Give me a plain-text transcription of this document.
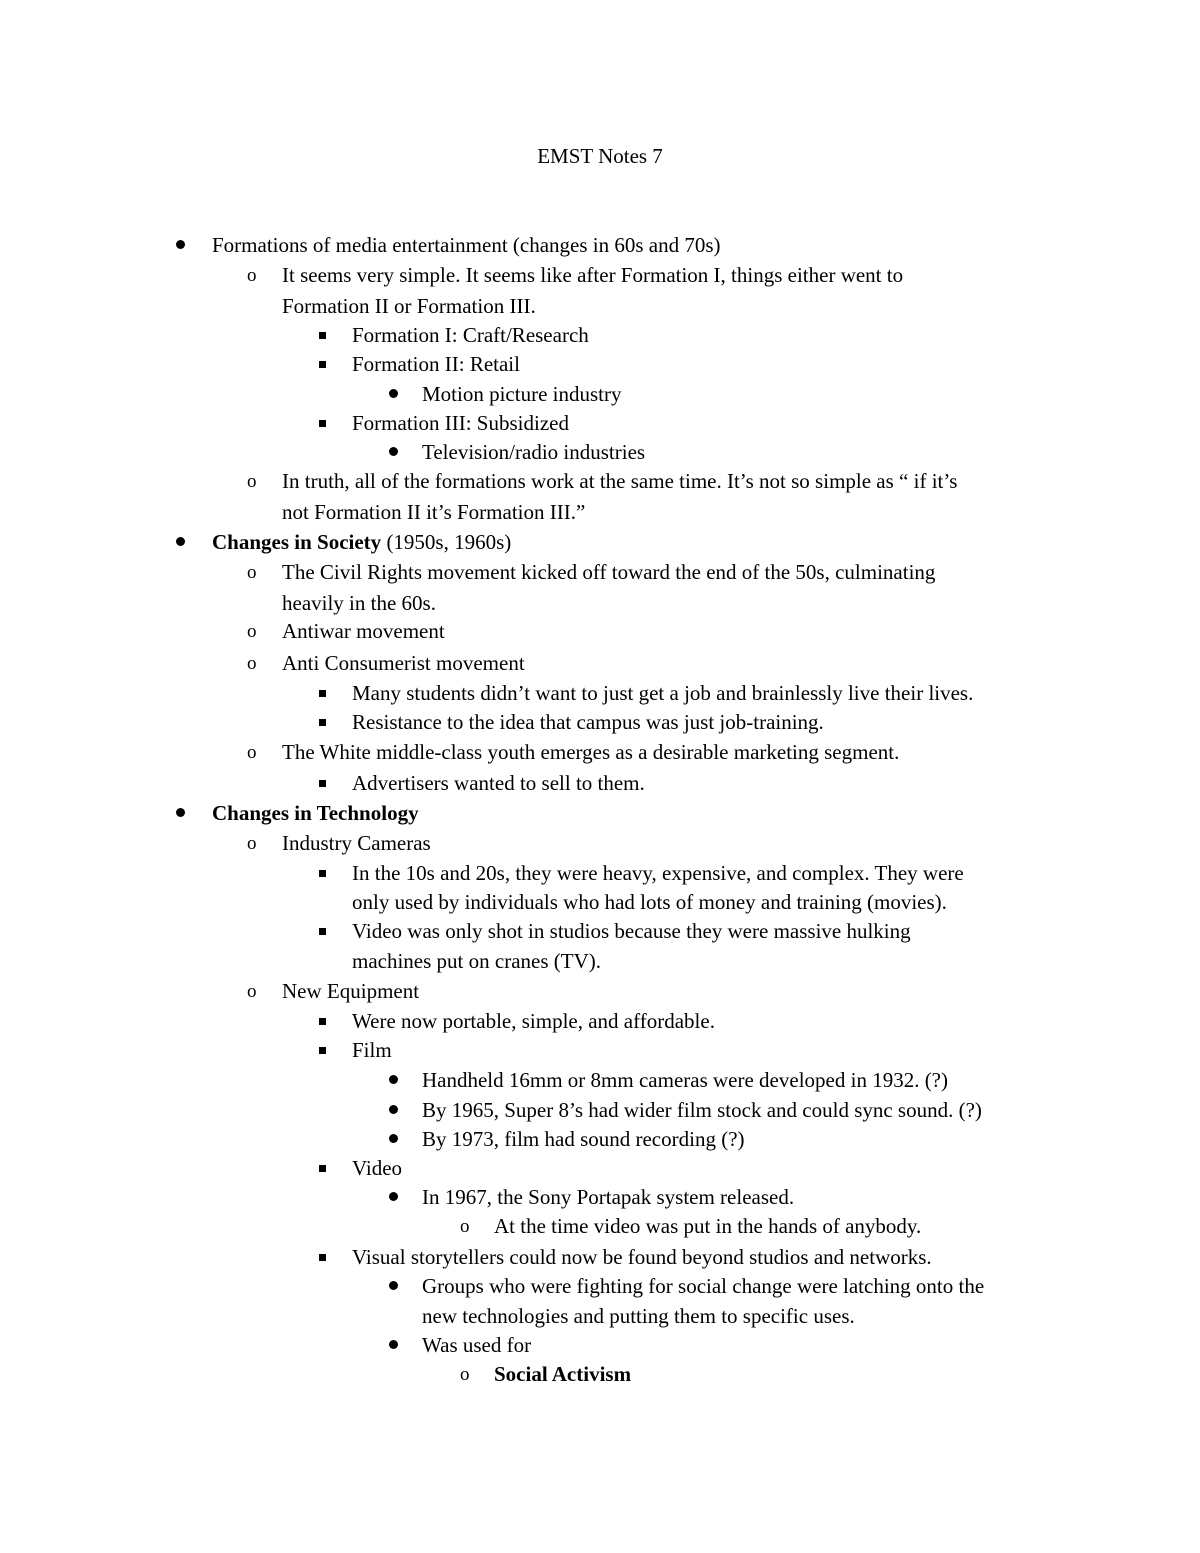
EMST Notes 7
Formations of media entertainment (changes in 60s and 70s)
o It seems very simple. It seems like after Formation I, things either went to
Formation II or Formation III.
Formation I: Craft/Research
Formation II: Retail
Motion picture industry
Formation III: Subsidized
Television/radio industries
o In truth, all of the formations work at the same time. It’s not so simple as “ if it’s
not Formation II it’s Formation III.”
Changes in Society (1950s, 1960s)
o The Civil Rights movement kicked off toward the end of the 50s, culminating
heavily in the 60s.
o Antiwar movement
o Anti Consumerist movement
Many students didn’t want to just get a job and brainlessly live their lives.
Resistance to the idea that campus was just job-training.
o The White middle-class youth emerges as a desirable marketing segment.
Advertisers wanted to sell to them.
Changes in Technology
o Industry Cameras
In the 10s and 20s, they were heavy, expensive, and complex. They were
only used by individuals who had lots of money and training (movies).
Video was only shot in studios because they were massive hulking
machines put on cranes (TV).
o New Equipment
Were now portable, simple, and affordable.
Film
Handheld 16mm or 8mm cameras were developed in 1932. (?)
By 1965, Super 8’s had wider film stock and could sync sound. (?)
By 1973, film had sound recording (?)
Video
In 1967, the Sony Portapak system released.
o At the time video was put in the hands of anybody.
Visual storytellers could now be found beyond studios and networks.
Groups who were fighting for social change were latching onto the
new technologies and putting them to specific uses.
Was used for
o Social Activism
